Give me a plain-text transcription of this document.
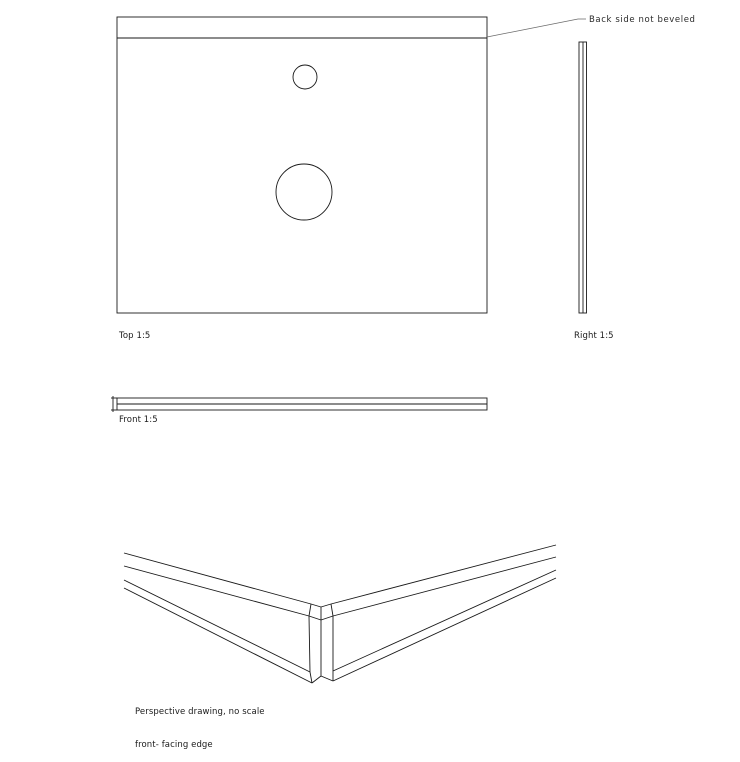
Top 1:5	Right 1:5
Front 1:5

Perspective drawing, no scale

front- facing edge

Back side not beveled
